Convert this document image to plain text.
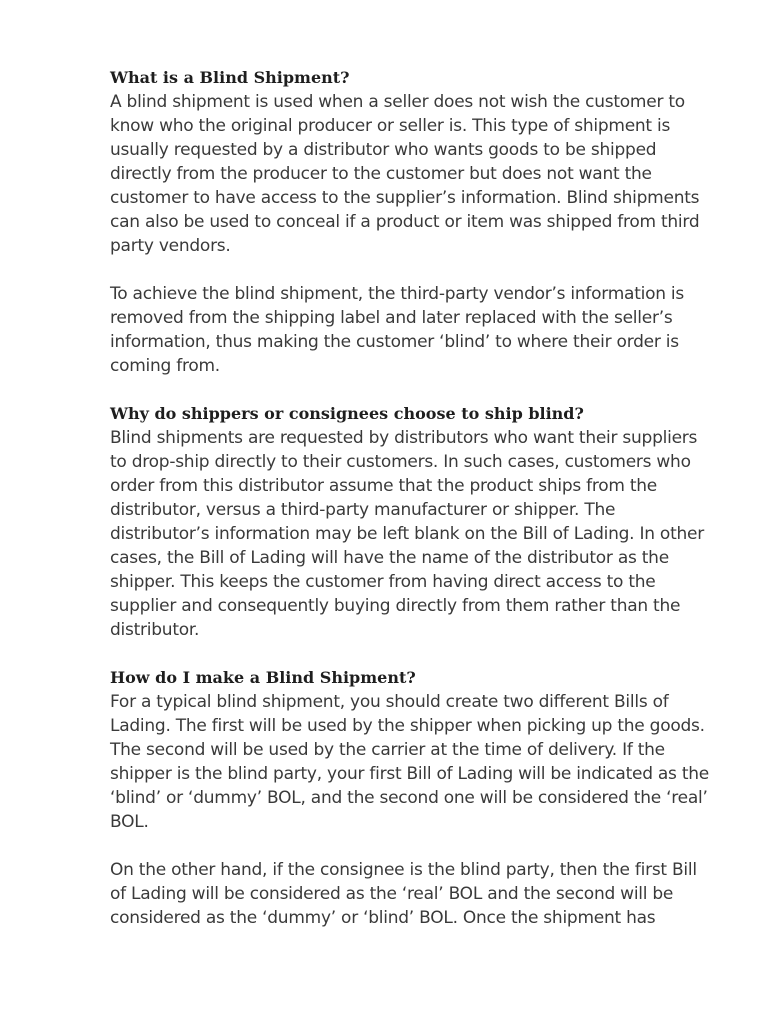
What is a Blind Shipment?

A blind shipment is used when a seller does not wish the customer to know who the original producer or seller is. This type of shipment is usually requested by a distributor who wants goods to be shipped directly from the producer to the customer but does not want the customer to have access to the supplier’s information. Blind shipments can also be used to conceal if a product or item was shipped from third party vendors.

To achieve the blind shipment, the third-party vendor’s information is removed from the shipping label and later replaced with the seller’s information, thus making the customer ‘blind’ to where their order is coming from.

Why do shippers or consignees choose to ship blind?

Blind shipments are requested by distributors who want their suppliers to drop-ship directly to their customers. In such cases, customers who order from this distributor assume that the product ships from the distributor, versus a third-party manufacturer or shipper. The distributor’s information may be left blank on the Bill of Lading. In other cases, the Bill of Lading will have the name of the distributor as the shipper. This keeps the customer from having direct access to the supplier and consequently buying directly from them rather than the distributor.

How do I make a Blind Shipment?

For a typical blind shipment, you should create two different Bills of Lading. The first will be used by the shipper when picking up the goods. The second will be used by the carrier at the time of delivery. If the shipper is the blind party, your first Bill of Lading will be indicated as the ‘blind’ or ‘dummy’ BOL, and the second one will be considered the ‘real’ BOL.

On the other hand, if the consignee is the blind party, then the first Bill of Lading will be considered as the ‘real’ BOL and the second will be considered as the ‘dummy’ or ‘blind’ BOL. Once the shipment has
